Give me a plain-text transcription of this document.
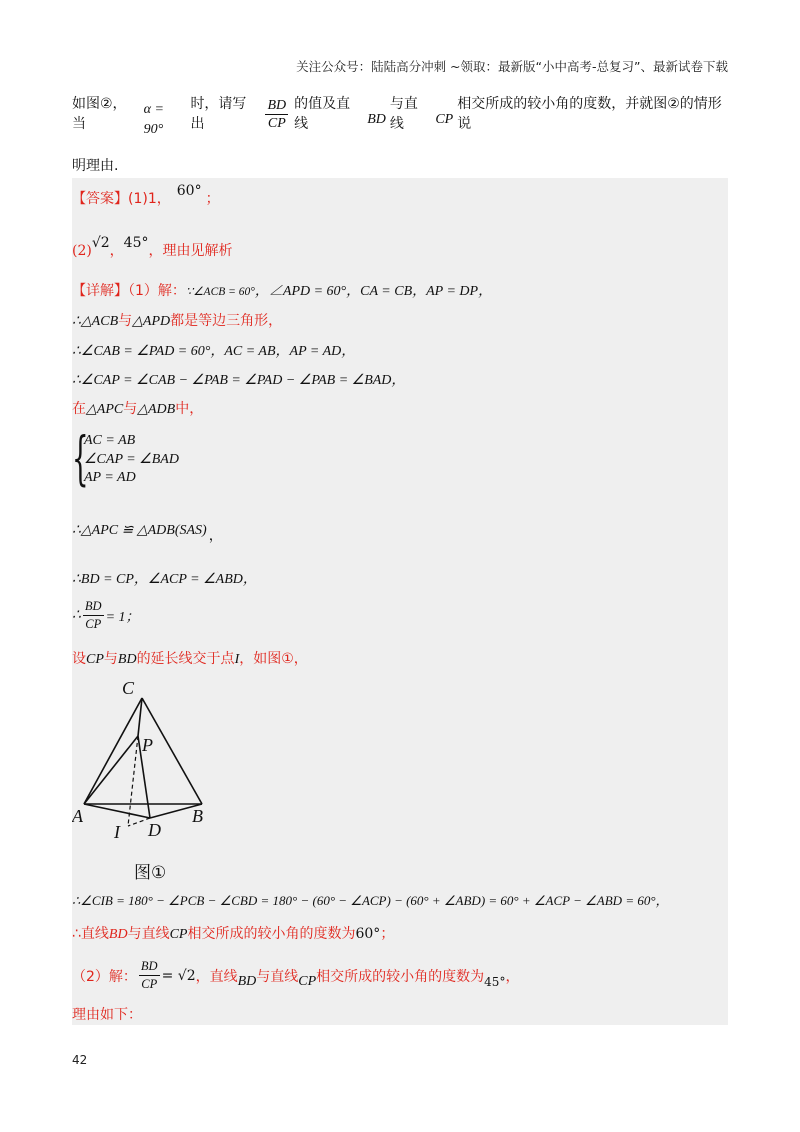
关注公众号：陆陆高分冲刺 ~领取：最新版“小中高考-总复习”、最新试卷下载
如图②，当
α = 90°
时，请写出	$\frac{BD}{CP}$ 的值及直线	BD
与直线	CP
相交所成的较小角的度数，并就图②的情形说
明理由.
【答案】(1)1， 60° ；
(2)√2，45°，理由见解析
【详解】（1）解：∵∠ACB = 60°，∠APD = 60°，CA = CB，AP = DP，
∴△ACB与△APD都是等边三角形，
∴∠CAB = ∠PAD = 60°，AC = AB，AP = AD，
∴∠CAP = ∠CAB − ∠PAB = ∠PAD − ∠PAB = ∠BAD，
在△APC与△ADB中，
{
AC = AB
∠CAP = ∠BAD
AP = AD
∴△APC ≌ △ADB(SAS) ，
∴BD = CP，∠ACP = ∠ABD，
∴ $\frac{BD}{CP} = 1$；
设CP与BD的延长线交于点I，如图①，
C
P
A	B
I D
图①
∴∠CIB = 180° − ∠PCB − ∠CBD = 180° − (60° − ∠ACP) − (60° + ∠ABD) = 60° + ∠ACP − ∠ABD = 60°，
∴直线BD与直线CP相交所成的较小角的度数为60°；
（2）解： $\frac{BD}{CP} = √2$ ，直线 BD 与直线 CP 相交所成的较小角的度数为 45° ，
理由如下：
42
